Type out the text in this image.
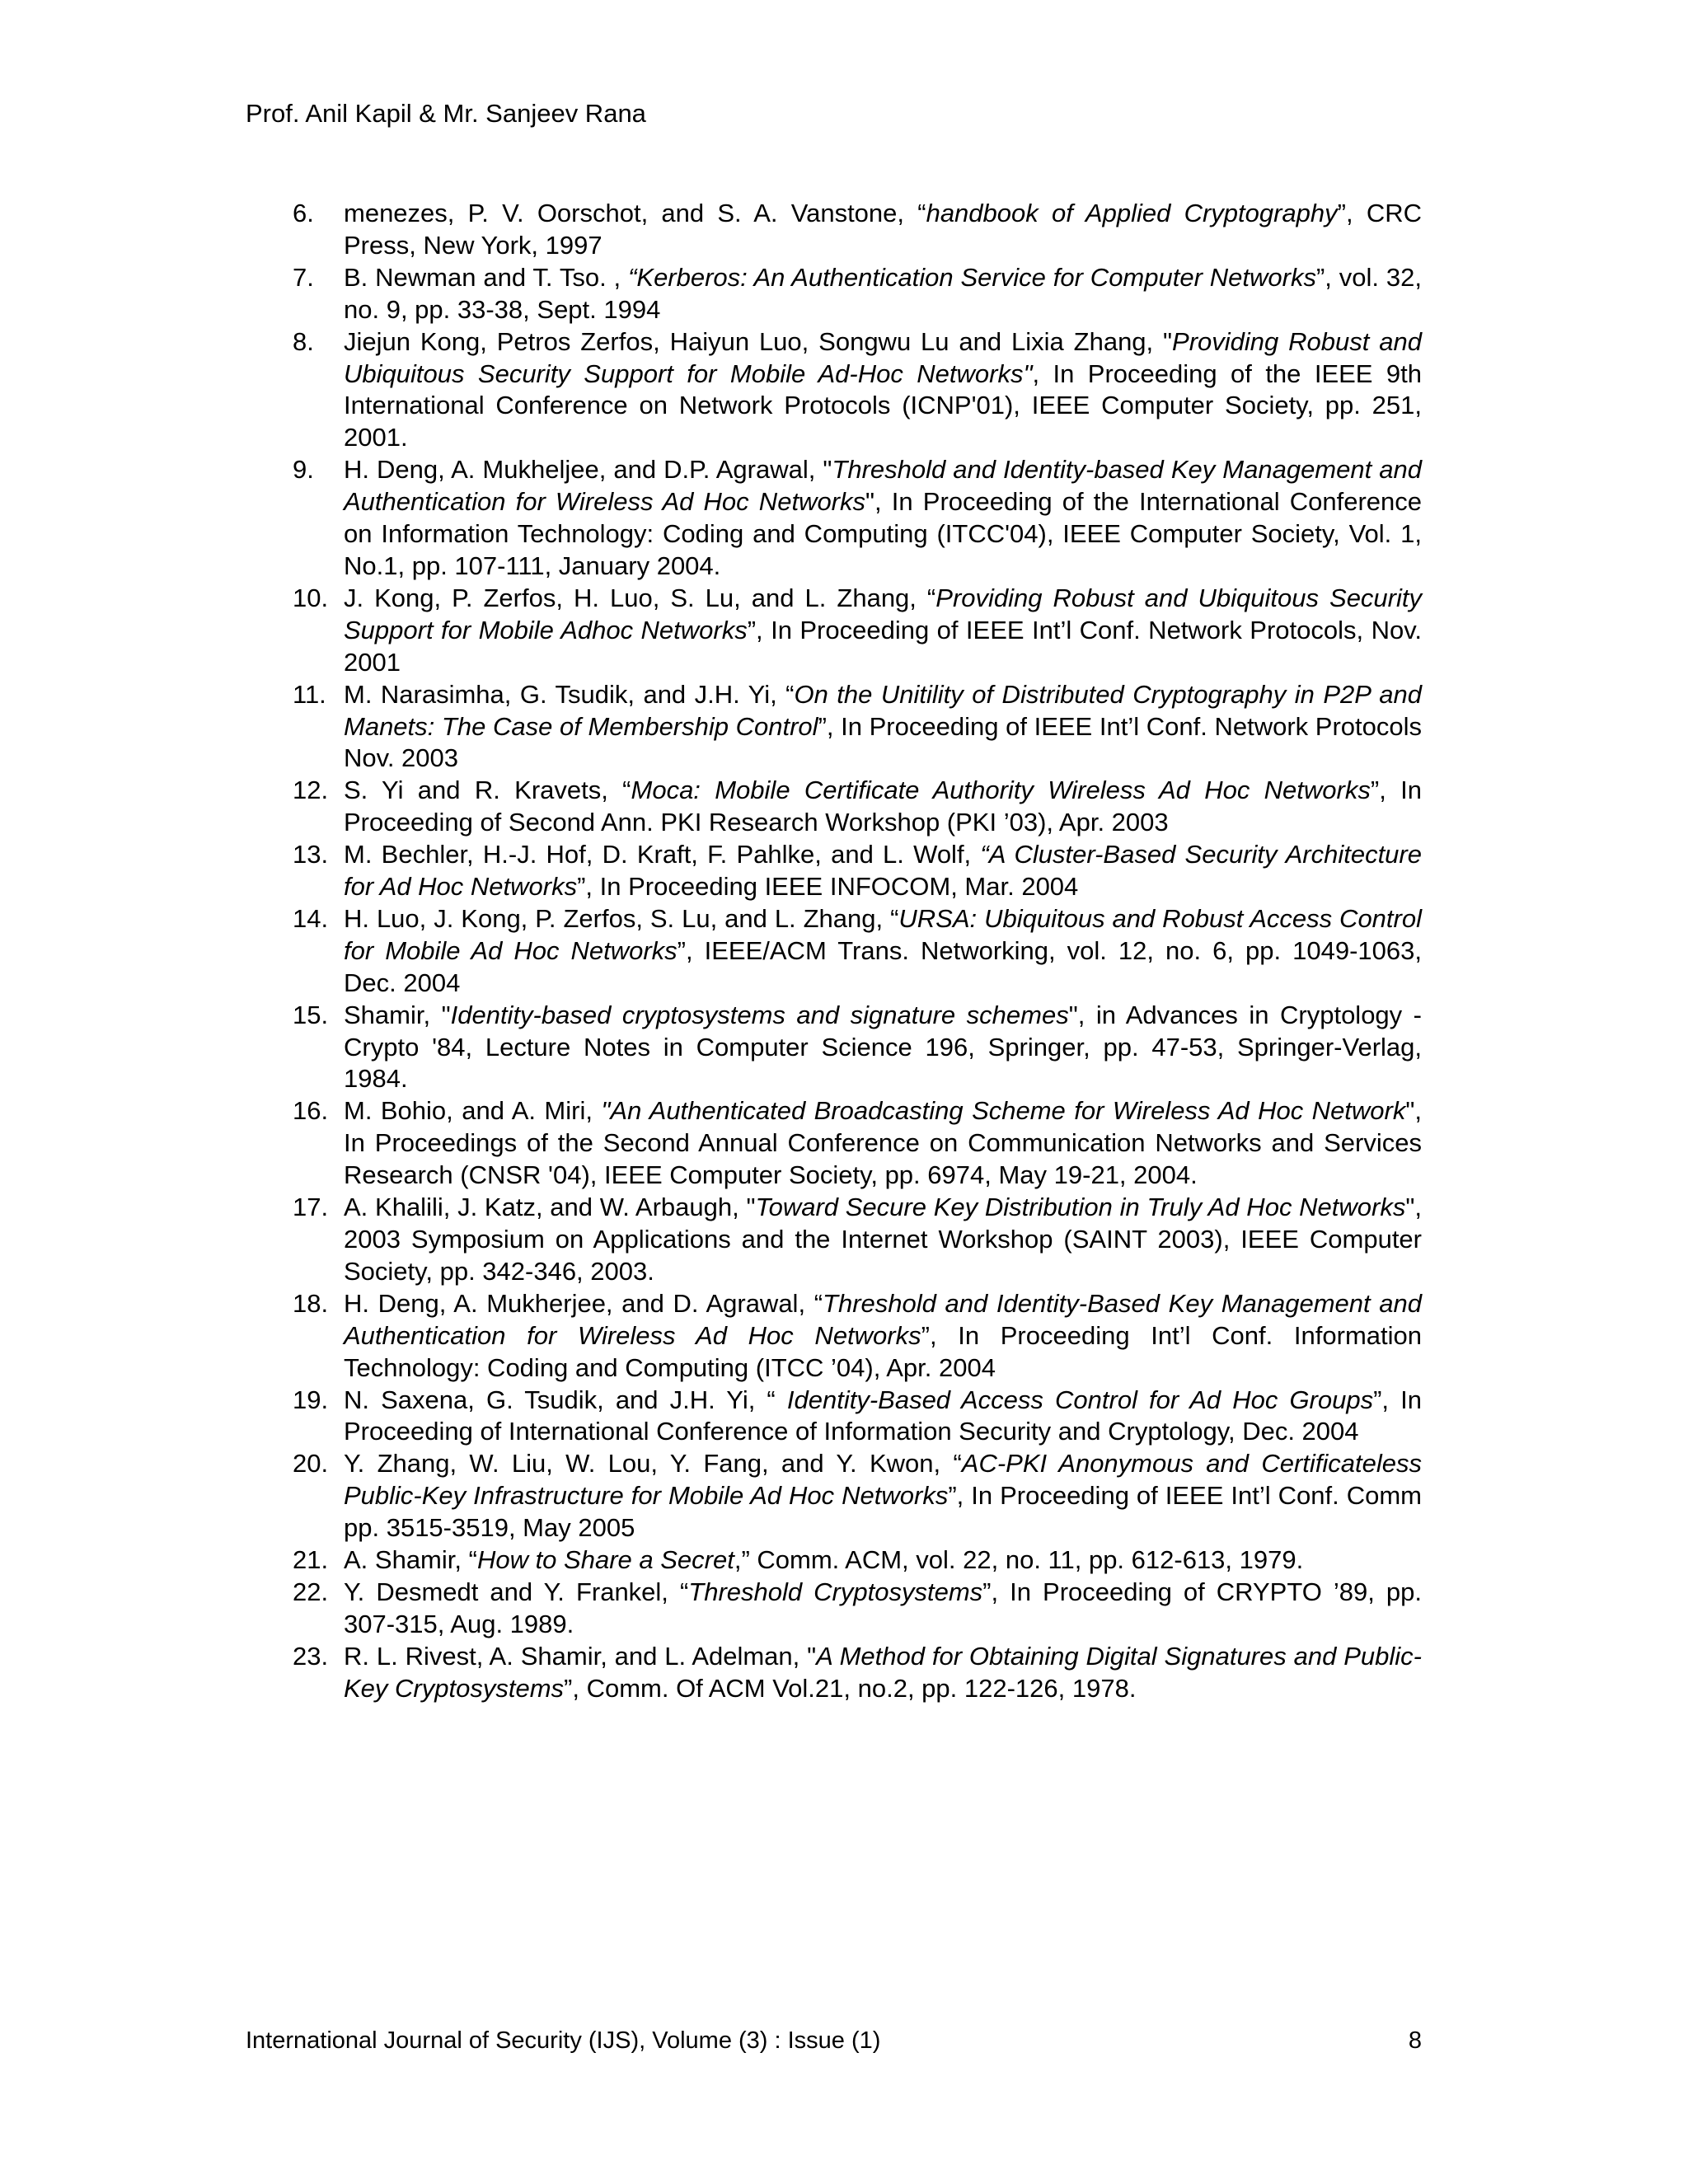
Prof. Anil Kapil & Mr. Sanjeev Rana
6. menezes, P. V. Oorschot, and S. A. Vanstone, “handbook of Applied Cryptography”, CRC Press, New York, 1997
7. B. Newman and T. Tso. , “Kerberos: An Authentication Service for Computer Networks”, vol. 32, no. 9, pp. 33-38, Sept. 1994
8. Jiejun Kong, Petros Zerfos, Haiyun Luo, Songwu Lu and Lixia Zhang, "Providing Robust and Ubiquitous Security Support for Mobile Ad-Hoc Networks", In Proceeding of the IEEE 9th International Conference on Network Protocols (ICNP'01), IEEE Computer Society, pp. 251, 2001.
9. H. Deng, A. Mukheljee, and D.P. Agrawal, "Threshold and Identity-based Key Management and Authentication for Wireless Ad Hoc Networks", In Proceeding of the International Conference on Information Technology: Coding and Computing (ITCC'04), IEEE Computer Society, Vol. 1, No.1, pp. 107-111, January 2004.
10. J. Kong, P. Zerfos, H. Luo, S. Lu, and L. Zhang, “Providing Robust and Ubiquitous Security Support for Mobile Adhoc Networks”, In Proceeding of IEEE Int’l Conf. Network Protocols, Nov. 2001
11. M. Narasimha, G. Tsudik, and J.H. Yi, “On the Unitility of Distributed Cryptography in P2P and Manets: The Case of Membership Control”, In Proceeding of IEEE Int’l Conf. Network Protocols Nov. 2003
12. S. Yi and R. Kravets, “Moca: Mobile Certificate Authority Wireless Ad Hoc Networks”, In Proceeding of Second Ann. PKI Research Workshop (PKI ’03), Apr. 2003
13. M. Bechler, H.-J. Hof, D. Kraft, F. Pahlke, and L. Wolf, “A Cluster-Based Security Architecture for Ad Hoc Networks”, In Proceeding IEEE INFOCOM, Mar. 2004
14. H. Luo, J. Kong, P. Zerfos, S. Lu, and L. Zhang, “URSA: Ubiquitous and Robust Access Control for Mobile Ad Hoc Networks”, IEEE/ACM Trans. Networking, vol. 12, no. 6, pp. 1049-1063, Dec. 2004
15. Shamir, "Identity-based cryptosystems and signature schemes", in Advances in Cryptology - Crypto '84, Lecture Notes in Computer Science 196, Springer, pp. 47-53, Springer-Verlag, 1984.
16. M. Bohio, and A. Miri, "An Authenticated Broadcasting Scheme for Wireless Ad Hoc Network", In Proceedings of the Second Annual Conference on Communication Networks and Services Research (CNSR '04), IEEE Computer Society, pp. 6974, May 19-21, 2004.
17. A. Khalili, J. Katz, and W. Arbaugh, "Toward Secure Key Distribution in Truly Ad Hoc Networks", 2003 Symposium on Applications and the Internet Workshop (SAINT 2003), IEEE Computer Society, pp. 342-346, 2003.
18. H. Deng, A. Mukherjee, and D. Agrawal, “Threshold and Identity-Based Key Management and Authentication for Wireless Ad Hoc Networks”, In Proceeding Int’l Conf. Information Technology: Coding and Computing (ITCC ’04), Apr. 2004
19. N. Saxena, G. Tsudik, and J.H. Yi, “ Identity-Based Access Control for Ad Hoc Groups”, In Proceeding of International Conference of Information Security and Cryptology, Dec. 2004
20. Y. Zhang, W. Liu, W. Lou, Y. Fang, and Y. Kwon, “AC-PKI Anonymous and Certificateless Public-Key Infrastructure for Mobile Ad Hoc Networks”, In Proceeding of IEEE Int’l Conf. Comm pp. 3515-3519, May 2005
21. A. Shamir, “How to Share a Secret,” Comm. ACM, vol. 22, no. 11, pp. 612-613, 1979.
22. Y. Desmedt and Y. Frankel, “Threshold Cryptosystems”, In Proceeding of CRYPTO ’89, pp. 307-315, Aug. 1989.
23. R. L. Rivest, A. Shamir, and L. Adelman, "A Method for Obtaining Digital Signatures and Public-Key Cryptosystems”, Comm. Of ACM Vol.21, no.2, pp. 122-126, 1978.
International Journal of Security (IJS), Volume (3) : Issue (1)	8
